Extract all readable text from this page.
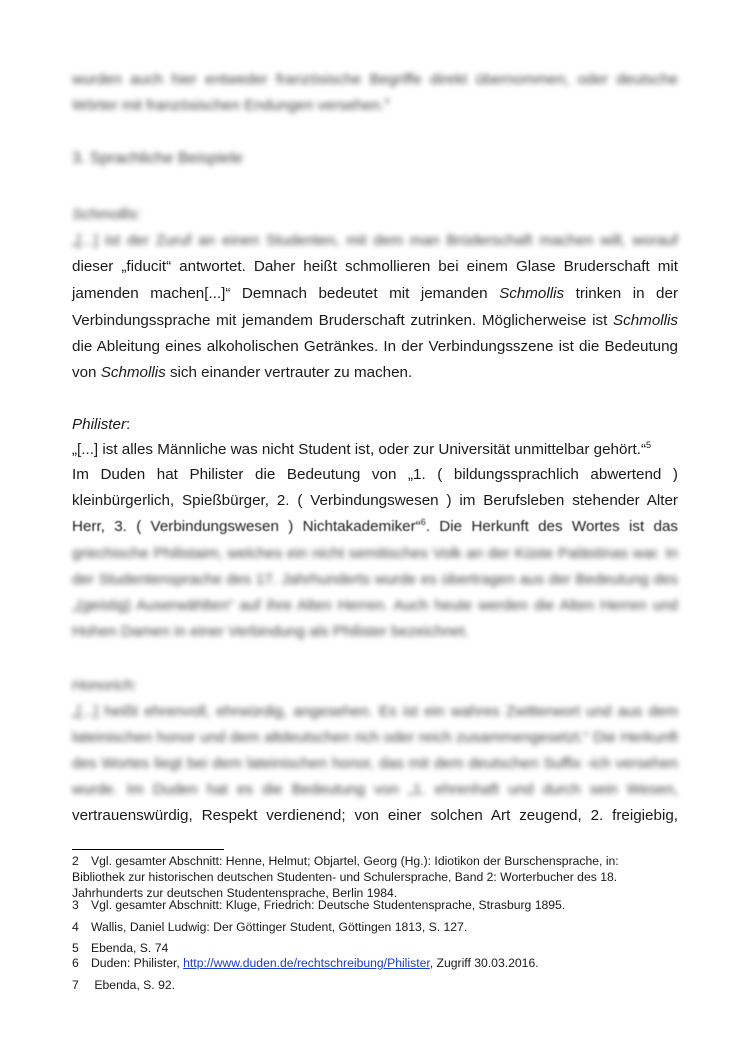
wurden auch hier entweder französische Begriffe direkt übernommen, oder deutsche
Wörter mit französischen Endungen versehen.$^4$
3. Sprachliche Beispiele
Schmollis:
„[...] ist der Zuruf an einen Studenten, mit dem man Brüderschaft machen will, worauf
dieser „fiducit“ antwortet. Daher heißt schmollieren bei einem Glase Bruderschaft mit
jamenden machen[...]“ Demnach bedeutet mit jemanden Schmollis trinken in der
Verbindungssprache mit jemandem Bruderschaft zutrinken. Möglicherweise ist Schmollis
die Ableitung eines alkoholischen Getränkes. In der Verbindungsszene ist die Bedeutung
von Schmollis sich einander vertrauter zu machen.
Philister:
„[...] ist alles Männliche was nicht Student ist, oder zur Universität unmittelbar gehört.“$^5$
Im Duden hat Philister die Bedeutung von „1. ( bildungssprachlich abwertend )
kleinbürgerlich, Spießbürger, 2. ( Verbindungswesen ) im Berufsleben stehender Alter
Herr, 3. ( Verbindungswesen ) Nichtakademiker“$^6$. Die Herkunft des Wortes ist das
griechische Philistaim, welches ein nicht semitisches Volk an der Küste Palästinas war. In
der Studentensprache des 17. Jahrhunderts wurde es übertragen aus der Bedeutung des
„(geistig) Auserwählten“ auf ihre Alten Herren. Auch heute werden die Alten Herren und
Hohen Damen in einer Verbindung als Philister bezeichnet.
Honorich:
„[...] heißt ehrenvoll, ehrwürdig, angesehen. Es ist ein wahres Zwitterwort und aus dem
lateinischen honor und dem altdeutschen rich oder reich zusammengesetzt.“ Die Herkunft
des Wortes liegt bei dem lateinischen honor, das mit dem deutschen Suffix -ich versehen
wurde. Im Duden hat es die Bedeutung von „1. ehrenhaft und durch sein Wesen,
vertrauenswürdig, Respekt verdienend; von einer solchen Art zeugend, 2. freigiebig,
2 Vgl. gesamter Abschnitt: Henne, Helmut; Objartel, Georg (Hg.): Idiotikon der Burschensprache, in:
Bibliothek zur historischen deutschen Studenten- und Schulersprache, Band 2: Worterbucher des 18.
Jahrhunderts zur deutschen Studentensprache, Berlin 1984.
3 Vgl. gesamter Abschnitt: Kluge, Friedrich: Deutsche Studentensprache, Strasburg 1895.
4 Wallis, Daniel Ludwig: Der Göttinger Student, Göttingen 1813, S. 127.
5 Ebenda, S. 74
6 Duden: Philister, http://www.duden.de/rechtschreibung/Philister, Zugriff 30.03.2016.
7 Ebenda, S. 92.
